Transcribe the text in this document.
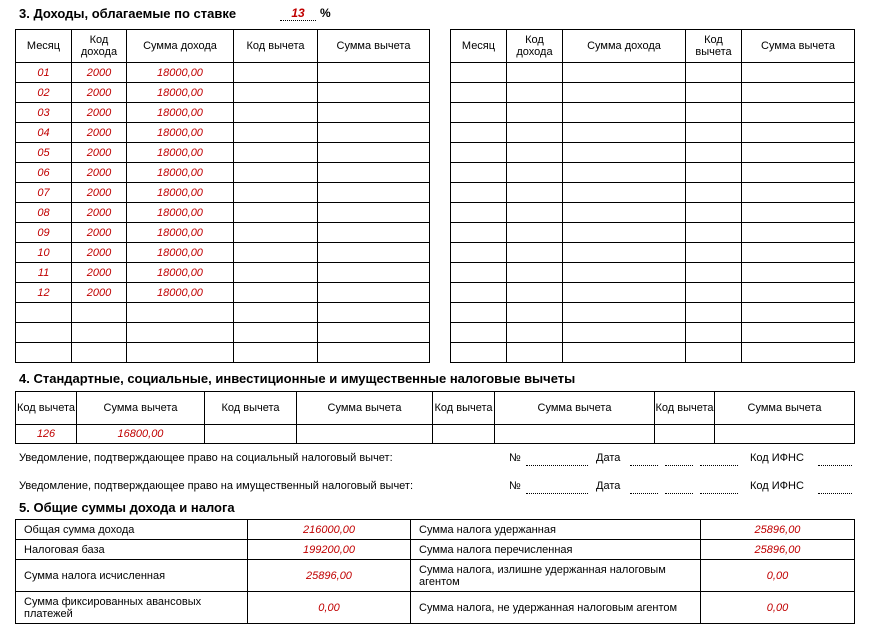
3. Доходы, облагаемые по ставке	13	%
Месяц	Код дохода	Сумма дохода	Код вычета	Сумма вычета
01	2000	18000,00		
02	2000	18000,00		
03	2000	18000,00		
04	2000	18000,00		
05	2000	18000,00		
06	2000	18000,00		
07	2000	18000,00		
08	2000	18000,00		
09	2000	18000,00		
10	2000	18000,00		
11	2000	18000,00		
12	2000	18000,00		

Месяц	Код дохода	Сумма дохода	Код вычета	Сумма вычета

4. Стандартные, социальные, инвестиционные и имущественные налоговые вычеты
Код вычета	Сумма вычета	Код вычета	Сумма вычета	Код вычета	Сумма вычета	Код вычета	Сумма вычета
126	16800,00						
Уведомление, подтверждающее право на социальный налоговый вычет:	№	Дата	Код ИФНС
Уведомление, подтверждающее право на имущественный налоговый вычет:	№	Дата	Код ИФНС
5. Общие суммы дохода и налога
Общая сумма дохода	216000,00	Сумма налога удержанная	25896,00
Налоговая база	199200,00	Сумма налога перечисленная	25896,00
Сумма налога исчисленная	25896,00	Сумма налога, излишне удержанная налоговым агентом	0,00
Сумма фиксированных авансовых платежей	0,00	Сумма налога, не удержанная налоговым агентом	0,00
